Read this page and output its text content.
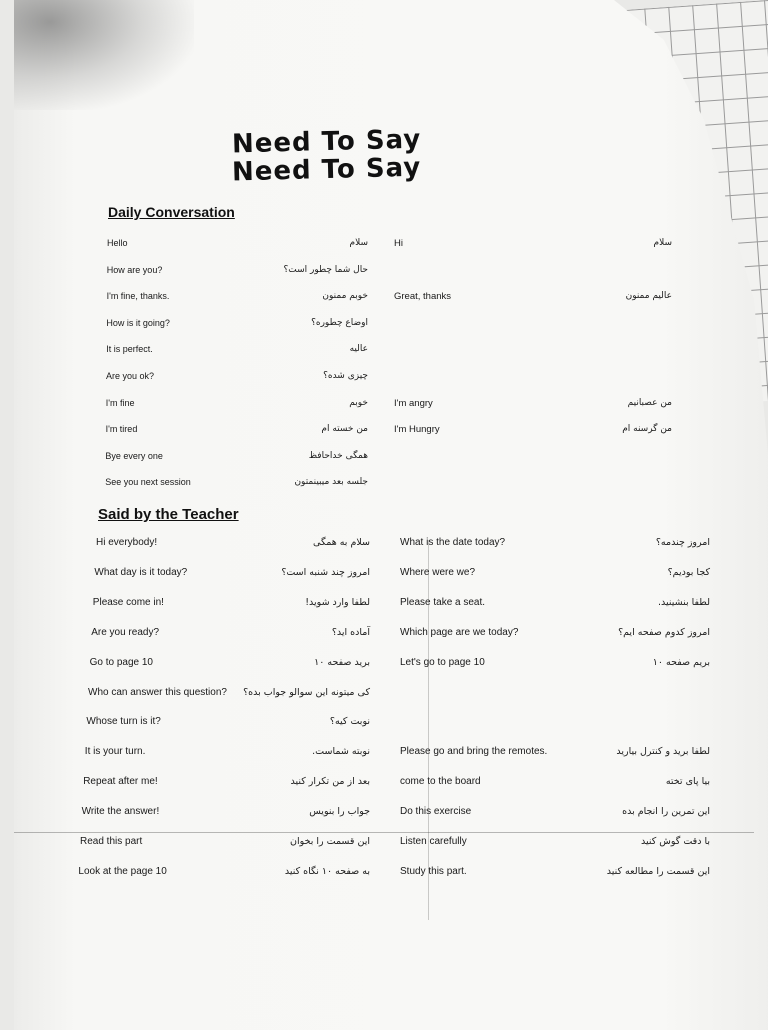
Need To Say
Need To Say
Daily Conversation
Hello	سلام	Hi	سلام
How are you?	حال شما چطور است؟
I'm fine, thanks.	خوبم ممنون	Great, thanks	عالیم ممنون
How is it going?	اوضاع چطوره؟
It is perfect.	عالیه
Are you ok?	چیزی شده؟
I'm fine	خوبم	I'm angry	من عصبانیم
I'm tired	من خسته ام	I'm Hungry	من گرسنه ام
Bye every one	همگی خداحافظ
See you next session	جلسه بعد میبینمتون
Said by the Teacher
Hi everybody!	سلام به همگی	What is the date today?	امروز چندمه؟
What day is it today?	امروز چند شنبه است؟	Where were we?	کجا بودیم؟
Please come in!	لطفا وارد شوید!	Please take a seat.	لطفا بنشینید.
Are you ready?	آماده اید؟	Which page are we today?	امروز کدوم صفحه ایم؟
Go to page 10	برید صفحه ۱۰	Let's go to page 10	بریم صفحه ۱۰
Who can answer this question? کی میتونه این سوالو جواب بده؟
Whose turn is it?	نوبت کیه؟
It is your turn.	نوبته شماست.	Please go and bring the remotes.	لطفا برید و کنترل بیارید
Repeat after me!	بعد از من تکرار کنید	come to the board	بیا پای تخته
Write the answer!	جواب را بنویس	Do this exercise	این تمرین را انجام بده
Read this part	این قسمت را بخوان	Listen carefully	با دقت گوش کنید
Look at the page 10	به صفحه ۱۰ نگاه کنید	Study this part.	این قسمت را مطالعه کنید
